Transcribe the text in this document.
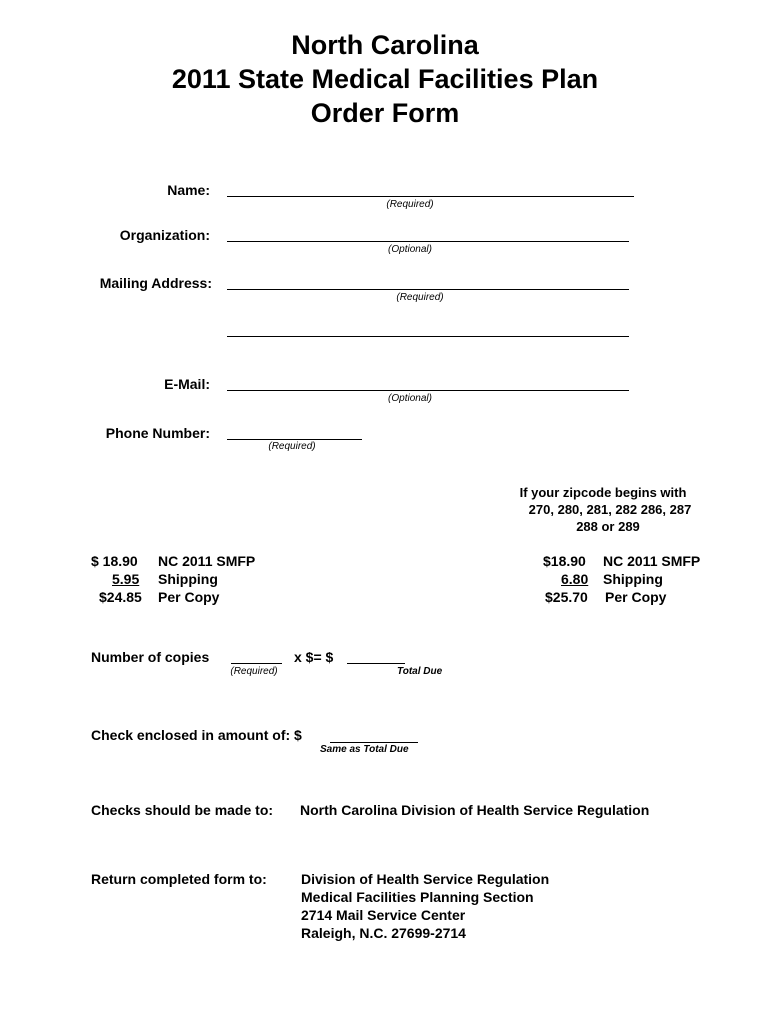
North Carolina
2011 State Medical Facilities Plan
Order Form
Name:
(Required)
Organization:
(Optional)
Mailing Address:
(Required)
E-Mail:
(Optional)
Phone Number:
(Required)
If your zipcode begins with
270, 280, 281, 282 286, 287
288 or 289
$ 18.90 NC 2011 SMFP
5.95 Shipping
$24.85 Per Copy
$18.90 NC 2011 SMFP
6.80 Shipping
$25.70 Per Copy
Number of copies	x $= $
(Required)	Total Due
Check enclosed in amount of: $
Same as Total Due
Checks should be made to: North Carolina Division of Health Service Regulation
Return completed form to: Division of Health Service Regulation
Medical Facilities Planning Section
2714 Mail Service Center
Raleigh, N.C. 27699-2714
